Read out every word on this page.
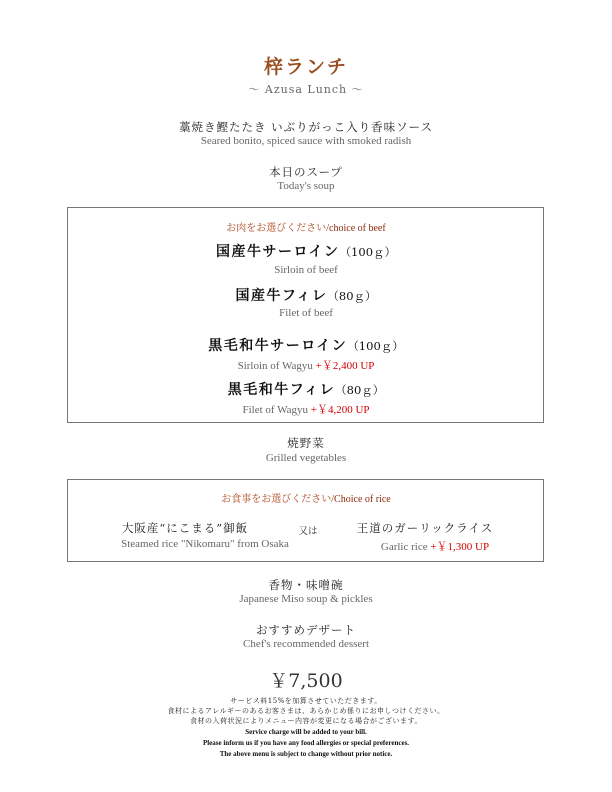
梓ランチ
～ Azusa Lunch ～
藁焼き鰹たたき いぶりがっこ入り香味ソース
Seared bonito, spiced sauce with smoked radish
本日のスープ
Today's soup
お肉をお選びください/choice of beef
国産牛サーロイン（100ｇ）
Sirloin of beef
国産牛フィレ（80ｇ）
Filet of beef
黒毛和牛サーロイン（100ｇ）
Sirloin of Wagyu +￥2,400 UP
黒毛和牛フィレ（80ｇ）
Filet of Wagyu +￥4,200 UP
焼野菜
Grilled vegetables
お食事をお選びください/Choice of rice
大阪産“にこまる”御飯	又は	王道のガーリックライス
Steamed rice "Nikomaru" from Osaka	Garlic rice +￥1,300 UP
香物・味噌碗
Japanese Miso soup & pickles
おすすめデザート
Chef's recommended dessert
￥7,500
サービス料15%を加算させていただきます。
食材によるアレルギーのあるお客さまは、あらかじめ係りにお申しつけください。
食材の入荷状況によりメニュー内容が変更になる場合がございます。
Service charge will be added to your bill.
Please inform us if you have any food allergies or special preferences.
The above menu is subject to change without prior notice.
